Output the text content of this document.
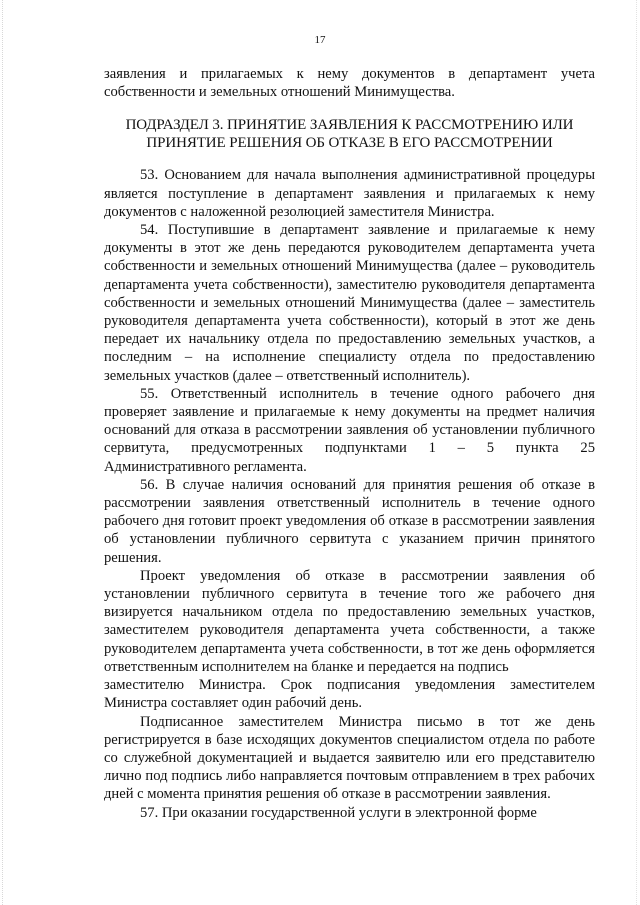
17

заявления и прилагаемых к нему документов в департамент учета собственности и земельных отношений Минимущества.

ПОДРАЗДЕЛ 3. ПРИНЯТИЕ ЗАЯВЛЕНИЯ К РАССМОТРЕНИЮ ИЛИ
ПРИНЯТИЕ РЕШЕНИЯ ОБ ОТКАЗЕ В ЕГО РАССМОТРЕНИИ

53. Основанием для начала выполнения административной процедуры является поступление в департамент заявления и прилагаемых к нему документов с наложенной резолюцией заместителя Министра.

54. Поступившие в департамент заявление и прилагаемые к нему документы в этот же день передаются руководителем департамента учета собственности и земельных отношений Минимущества (далее – руководитель департамента учета собственности), заместителю руководителя департамента собственности и земельных отношений Минимущества (далее – заместитель руководителя департамента учета собственности), который в этот же день передает их начальнику отдела по предоставлению земельных участков, а последним – на исполнение специалисту отдела по предоставлению земельных участков (далее – ответственный исполнитель).

55. Ответственный исполнитель в течение одного рабочего дня проверяет заявление и прилагаемые к нему документы на предмет наличия оснований для отказа в рассмотрении заявления об установлении публичного сервитута, предусмотренных подпунктами 1 – 5 пункта 25 Административного регламента.

56. В случае наличия оснований для принятия решения об отказе в рассмотрении заявления ответственный исполнитель в течение одного рабочего дня готовит проект уведомления об отказе в рассмотрении заявления об установлении публичного сервитута с указанием причин принятого решения.

Проект уведомления об отказе в рассмотрении заявления об установлении публичного сервитута в течение того же рабочего дня визируется начальником отдела по предоставлению земельных участков, заместителем руководителя департамента учета собственности, а также руководителем департамента учета собственности, в тот же день оформляется ответственным исполнителем на бланке и передается на подпись

заместителю Министра. Срок подписания уведомления заместителем Министра составляет один рабочий день.

Подписанное заместителем Министра письмо в тот же день регистрируется в базе исходящих документов специалистом отдела по работе со служебной документацией и выдается заявителю или его представителю лично под подпись либо направляется почтовым отправлением в трех рабочих дней с момента принятия решения об отказе в рассмотрении заявления.

57. При оказании государственной услуги в электронной форме
